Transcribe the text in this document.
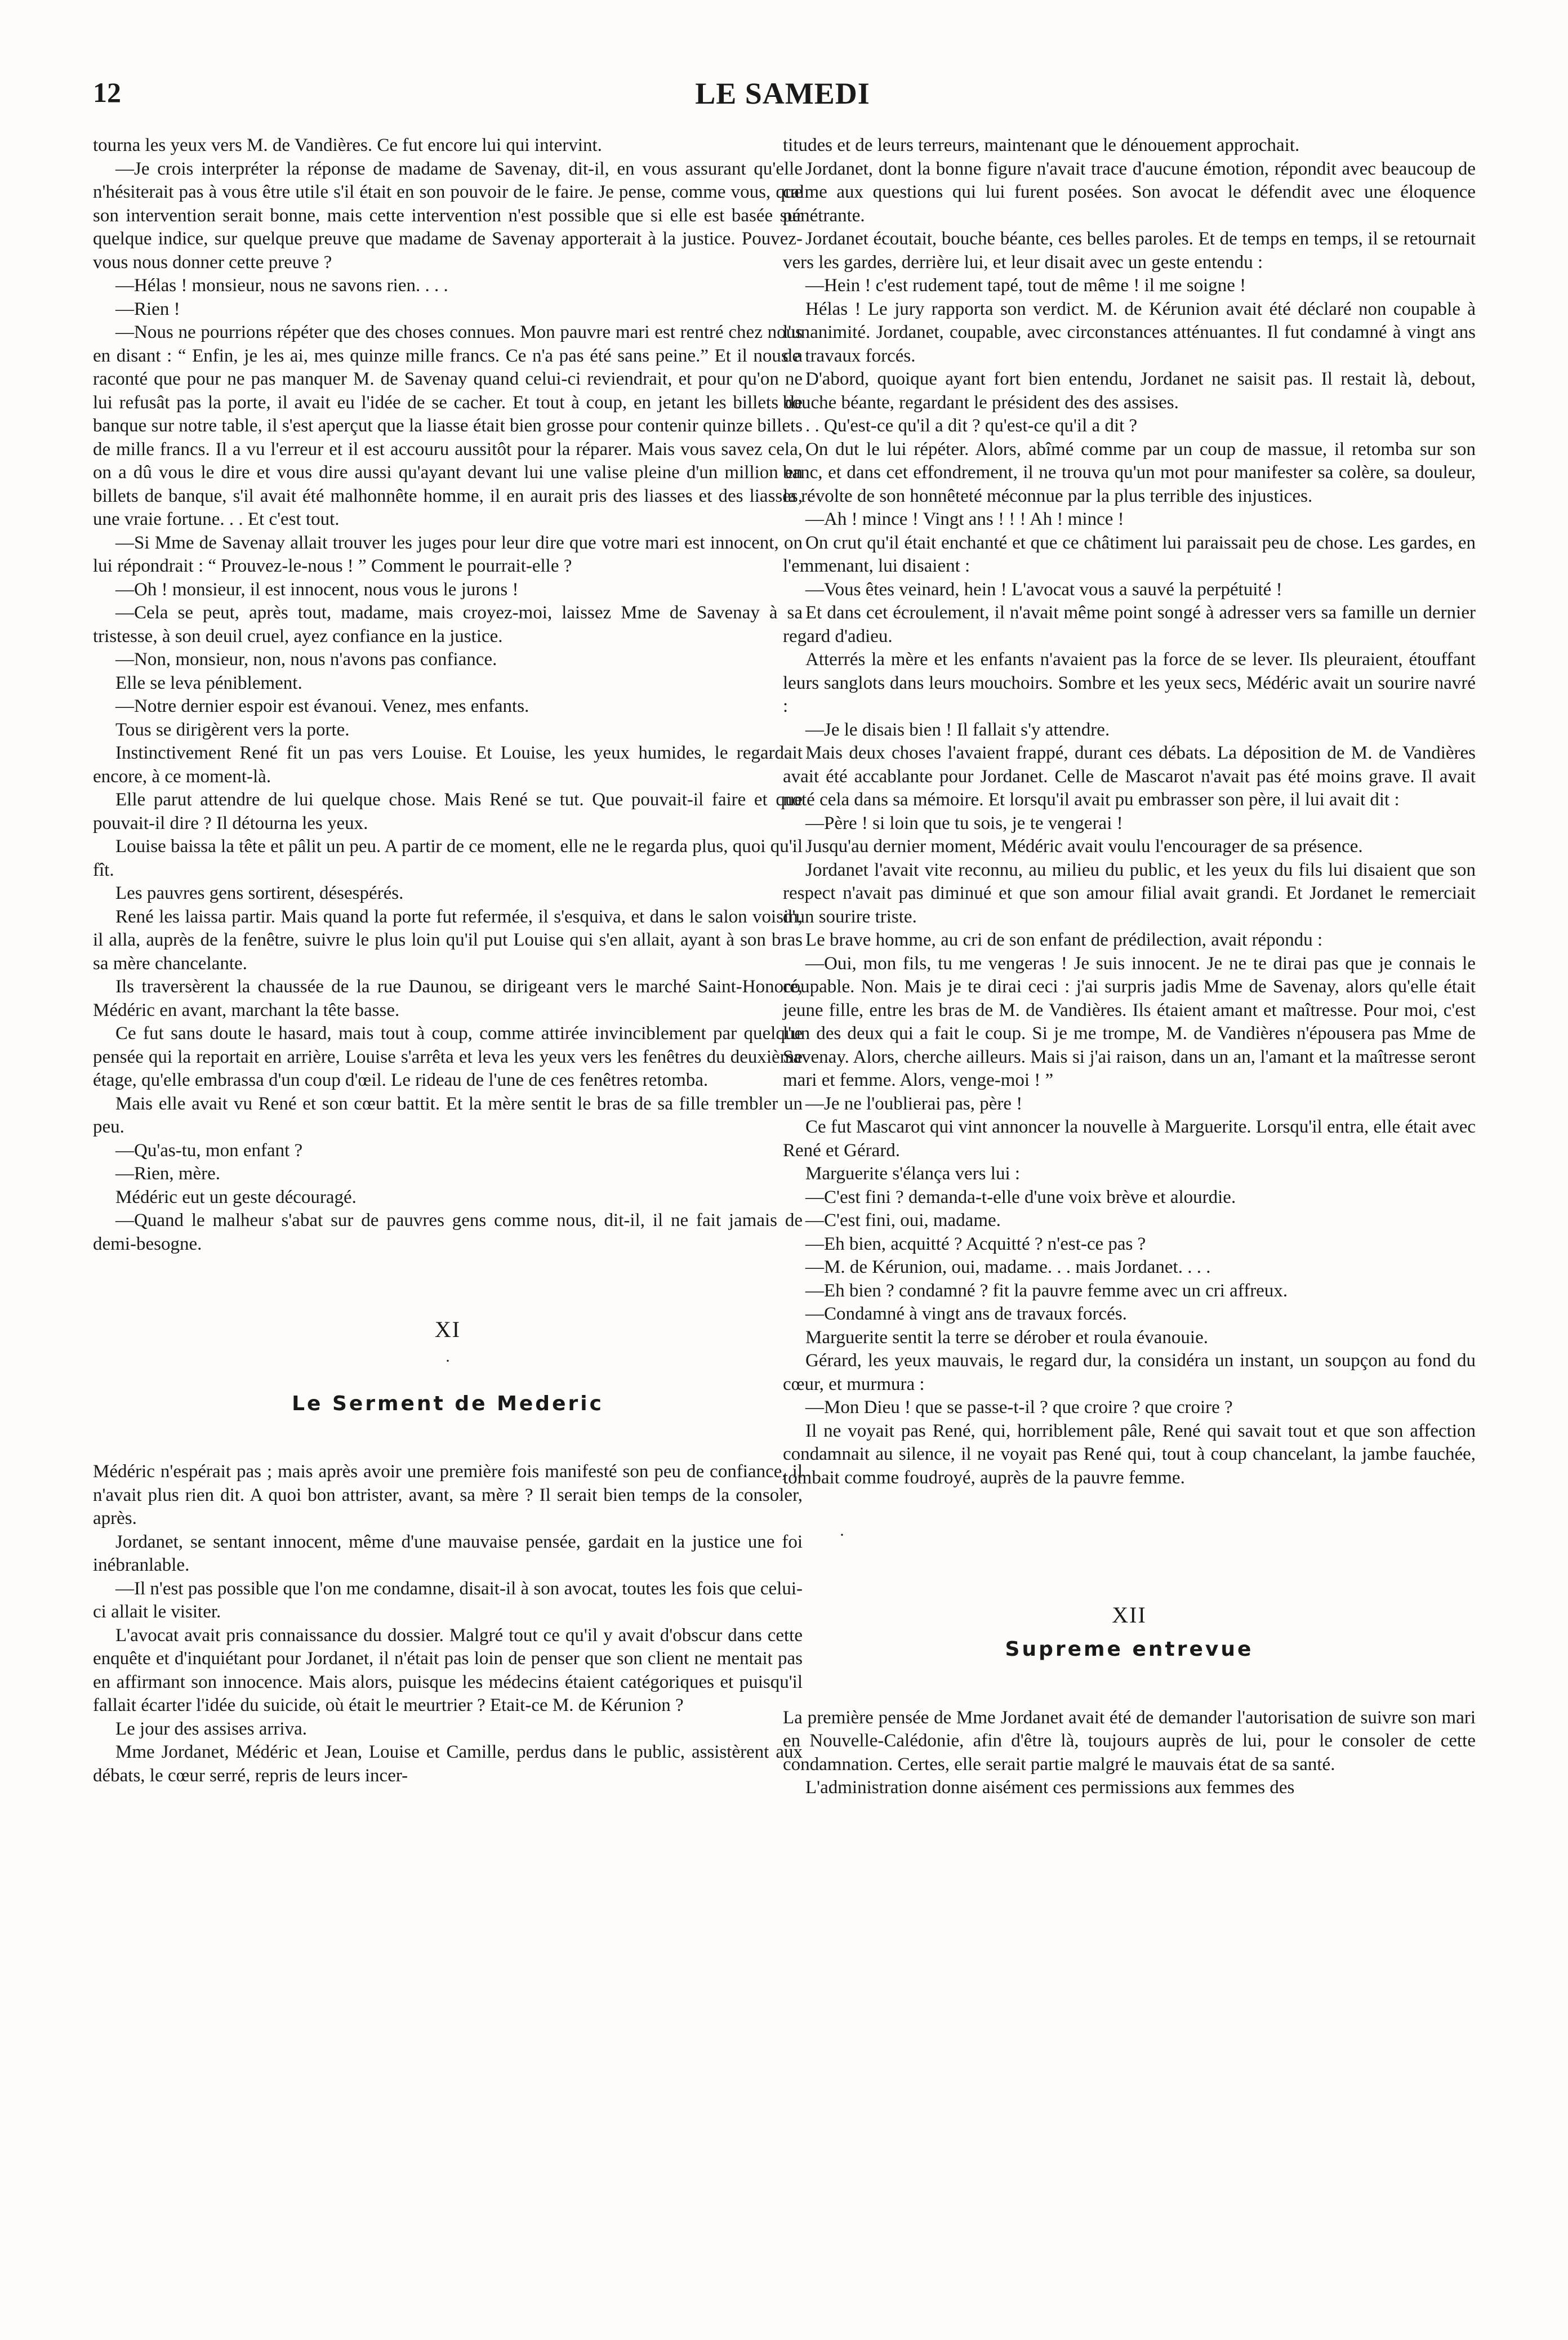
12	LE SAMEDI

tourna les yeux vers M. de Vandières. Ce fut encore lui qui intervint.

—Je crois interpréter la réponse de madame de Savenay, dit-il, en vous assurant qu'elle n'hésiterait pas à vous être utile s'il était en son pouvoir de le faire. Je pense, comme vous, que son intervention serait bonne, mais cette intervention n'est possible que si elle est basée sur quelque indice, sur quelque preuve que madame de Savenay apporterait à la justice. Pouvez-vous nous donner cette preuve ?

—Hélas ! monsieur, nous ne savons rien. . . .

—Rien !

—Nous ne pourrions répéter que des choses connues. Mon pauvre mari est rentré chez nous en disant : “ Enfin, je les ai, mes quinze mille francs. Ce n'a pas été sans peine.” Et il nous a raconté que pour ne pas manquer M. de Savenay quand celui-ci reviendrait, et pour qu'on ne lui refusât pas la porte, il avait eu l'idée de se cacher. Et tout à coup, en jetant les billets de banque sur notre table, il s'est aperçut que la liasse était bien grosse pour contenir quinze billets de mille francs. Il a vu l'erreur et il est accouru aussitôt pour la réparer. Mais vous savez cela, on a dû vous le dire et vous dire aussi qu'ayant devant lui une valise pleine d'un million en billets de banque, s'il avait été malhonnête homme, il en aurait pris des liasses et des liasses, une vraie fortune. . . Et c'est tout.

—Si Mme de Savenay allait trouver les juges pour leur dire que votre mari est innocent, on lui répondrait : “ Prouvez-le-nous ! ” Comment le pourrait-elle ?

—Oh ! monsieur, il est innocent, nous vous le jurons !

—Cela se peut, après tout, madame, mais croyez-moi, laissez Mme de Savenay à sa tristesse, à son deuil cruel, ayez confiance en la justice.

—Non, monsieur, non, nous n'avons pas confiance.

Elle se leva péniblement.

—Notre dernier espoir est évanoui. Venez, mes enfants.

Tous se dirigèrent vers la porte.

Instinctivement René fit un pas vers Louise. Et Louise, les yeux humides, le regardait encore, à ce moment-là.

Elle parut attendre de lui quelque chose. Mais René se tut. Que pouvait-il faire et que pouvait-il dire ? Il détourna les yeux.

Louise baissa la tête et pâlit un peu. A partir de ce moment, elle ne le regarda plus, quoi qu'il fît.

Les pauvres gens sortirent, désespérés.

René les laissa partir. Mais quand la porte fut refermée, il s'esquiva, et dans le salon voisin, il alla, auprès de la fenêtre, suivre le plus loin qu'il put Louise qui s'en allait, ayant à son bras sa mère chancelante.

Ils traversèrent la chaussée de la rue Daunou, se dirigeant vers le marché Saint-Honoré, Médéric en avant, marchant la tête basse.

Ce fut sans doute le hasard, mais tout à coup, comme attirée invinciblement par quelque pensée qui la reportait en arrière, Louise s'arrêta et leva les yeux vers les fenêtres du deuxième étage, qu'elle embrassa d'un coup d'œil. Le rideau de l'une de ces fenêtres retomba.

Mais elle avait vu René et son cœur battit. Et la mère sentit le bras de sa fille trembler un peu.

—Qu'as-tu, mon enfant ?

—Rien, mère.

Médéric eut un geste découragé.

—Quand le malheur s'abat sur de pauvres gens comme nous, dit-il, il ne fait jamais de demi-besogne.

XI
·
Le Serment de Mederic

Médéric n'espérait pas ; mais après avoir une première fois manifesté son peu de confiance, il n'avait plus rien dit. A quoi bon attrister, avant, sa mère ? Il serait bien temps de la consoler, après.

Jordanet, se sentant innocent, même d'une mauvaise pensée, gardait en la justice une foi inébranlable.

—Il n'est pas possible que l'on me condamne, disait-il à son avocat, toutes les fois que celui-ci allait le visiter.

L'avocat avait pris connaissance du dossier. Malgré tout ce qu'il y avait d'obscur dans cette enquête et d'inquiétant pour Jordanet, il n'était pas loin de penser que son client ne mentait pas en affirmant son innocence. Mais alors, puisque les médecins étaient catégoriques et puisqu'il fallait écarter l'idée du suicide, où était le meurtrier ? Etait-ce M. de Kérunion ?

Le jour des assises arriva.

Mme Jordanet, Médéric et Jean, Louise et Camille, perdus dans le public, assistèrent aux débats, le cœur serré, repris de leurs incer-

titudes et de leurs terreurs, maintenant que le dénouement approchait.

Jordanet, dont la bonne figure n'avait trace d'aucune émotion, répondit avec beaucoup de calme aux questions qui lui furent posées. Son avocat le défendit avec une éloquence pénétrante.

Jordanet écoutait, bouche béante, ces belles paroles. Et de temps en temps, il se retournait vers les gardes, derrière lui, et leur disait avec un geste entendu :

—Hein ! c'est rudement tapé, tout de même ! il me soigne !

Hélas ! Le jury rapporta son verdict. M. de Kérunion avait été déclaré non coupable à l'unanimité. Jordanet, coupable, avec circonstances atténuantes. Il fut condamné à vingt ans de travaux forcés.

D'abord, quoique ayant fort bien entendu, Jordanet ne saisit pas. Il restait là, debout, bouche béante, regardant le président des des assises.

. . Qu'est-ce qu'il a dit ? qu'est-ce qu'il a dit ?

On dut le lui répéter. Alors, abîmé comme par un coup de massue, il retomba sur son banc, et dans cet effondrement, il ne trouva qu'un mot pour manifester sa colère, sa douleur, la révolte de son honnêteté méconnue par la plus terrible des injustices.

—Ah ! mince ! Vingt ans ! ! ! Ah ! mince !

On crut qu'il était enchanté et que ce châtiment lui paraissait peu de chose. Les gardes, en l'emmenant, lui disaient :

—Vous êtes veinard, hein ! L'avocat vous a sauvé la perpétuité !

Et dans cet écroulement, il n'avait même point songé à adresser vers sa famille un dernier regard d'adieu.

Atterrés la mère et les enfants n'avaient pas la force de se lever. Ils pleuraient, étouffant leurs sanglots dans leurs mouchoirs. Sombre et les yeux secs, Médéric avait un sourire navré :

—Je le disais bien ! Il fallait s'y attendre.

Mais deux choses l'avaient frappé, durant ces débats. La déposition de M. de Vandières avait été accablante pour Jordanet. Celle de Mascarot n'avait pas été moins grave. Il avait noté cela dans sa mémoire. Et lorsqu'il avait pu embrasser son père, il lui avait dit :

—Père ! si loin que tu sois, je te vengerai !

Jusqu'au dernier moment, Médéric avait voulu l'encourager de sa présence.

Jordanet l'avait vite reconnu, au milieu du public, et les yeux du fils lui disaient que son respect n'avait pas diminué et que son amour filial avait grandi. Et Jordanet le remerciait d'un sourire triste.

Le brave homme, au cri de son enfant de prédilection, avait répondu :

—Oui, mon fils, tu me vengeras ! Je suis innocent. Je ne te dirai pas que je connais le coupable. Non. Mais je te dirai ceci : j'ai surpris jadis Mme de Savenay, alors qu'elle était jeune fille, entre les bras de M. de Vandières. Ils étaient amant et maîtresse. Pour moi, c'est l'un des deux qui a fait le coup. Si je me trompe, M. de Vandières n'épousera pas Mme de Savenay. Alors, cherche ailleurs. Mais si j'ai raison, dans un an, l'amant et la maîtresse seront mari et femme. Alors, venge-moi ! ”

—Je ne l'oublierai pas, père !

Ce fut Mascarot qui vint annoncer la nouvelle à Marguerite. Lorsqu'il entra, elle était avec René et Gérard.

Marguerite s'élança vers lui :

—C'est fini ? demanda-t-elle d'une voix brève et alourdie.

—C'est fini, oui, madame.

—Eh bien, acquitté ? Acquitté ? n'est-ce pas ?

—M. de Kérunion, oui, madame. . . mais Jordanet. . . .

—Eh bien ? condamné ? fit la pauvre femme avec un cri affreux.

—Condamné à vingt ans de travaux forcés.

Marguerite sentit la terre se dérober et roula évanouie.

Gérard, les yeux mauvais, le regard dur, la considéra un instant, un soupçon au fond du cœur, et murmura :

—Mon Dieu ! que se passe-t-il ? que croire ? que croire ?

Il ne voyait pas René, qui, horriblement pâle, René qui savait tout et que son affection condamnait au silence, il ne voyait pas René qui, tout à coup chancelant, la jambe fauchée, tombait comme foudroyé, auprès de la pauvre femme.

·
XII
Supreme entrevue

La première pensée de Mme Jordanet avait été de demander l'autorisation de suivre son mari en Nouvelle-Calédonie, afin d'être là, toujours auprès de lui, pour le consoler de cette condamnation. Certes, elle serait partie malgré le mauvais état de sa santé.

L'administration donne aisément ces permissions aux femmes des
